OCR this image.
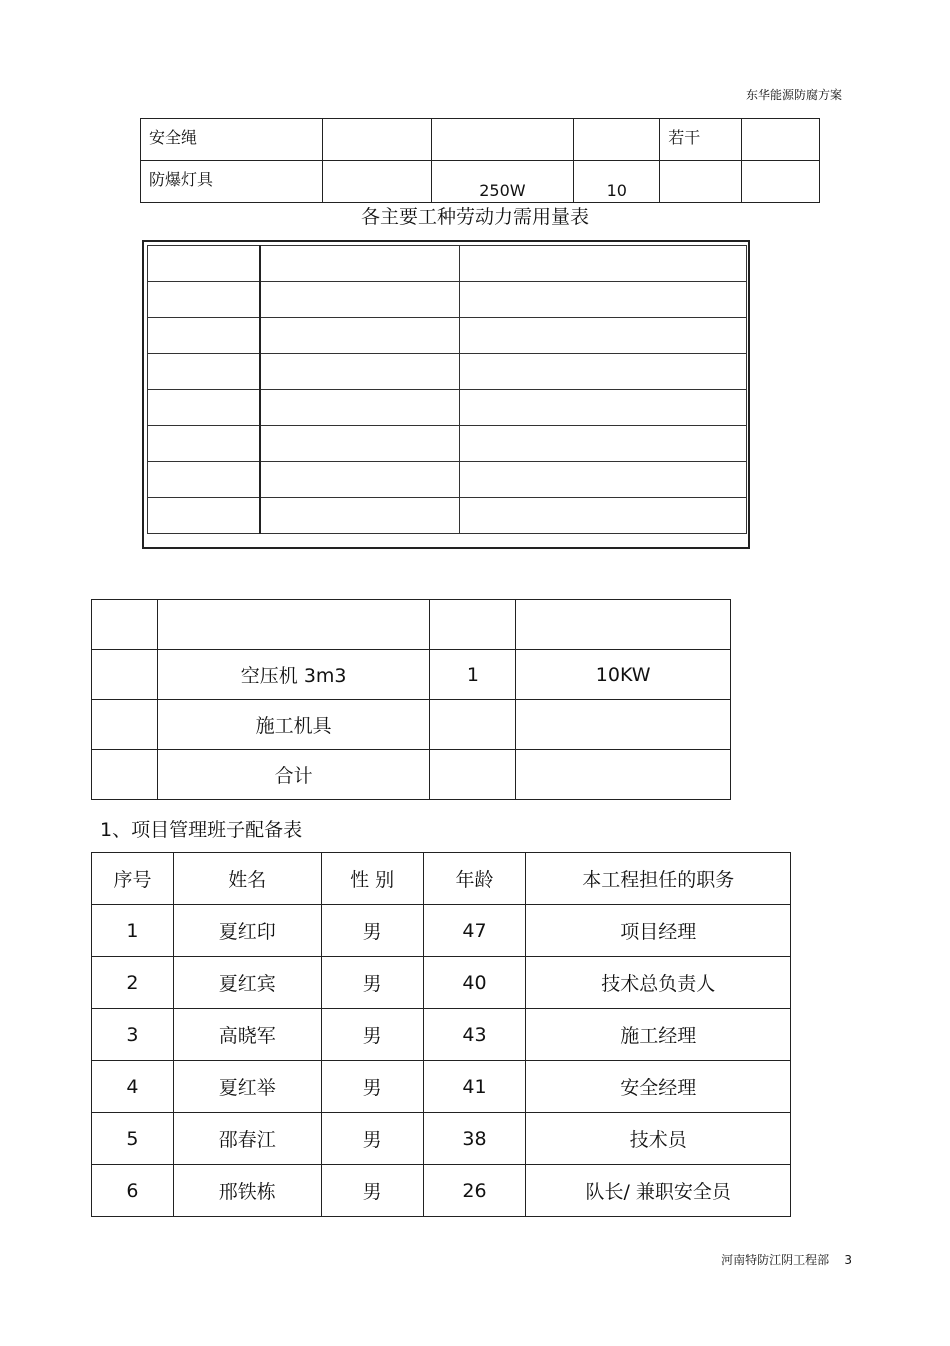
东华能源防腐方案
安全绳				若干	
防爆灯具		250W	10		
各主要工种劳动力需用量表

	空压机 3m3	1	10KW
	施工机具		
	合计		
1、项目管理班子配备表
序号	姓名	性 别	年龄	本工程担任的职务
1	夏红印	男	47	项目经理
2	夏红宾	男	40	技术总负责人
3	高晓军	男	43	施工经理
4	夏红举	男	41	安全经理
5	邵春江	男	38	技术员
6	邢铁栋	男	26	队长/ 兼职安全员
河南特防江阴工程部 3
